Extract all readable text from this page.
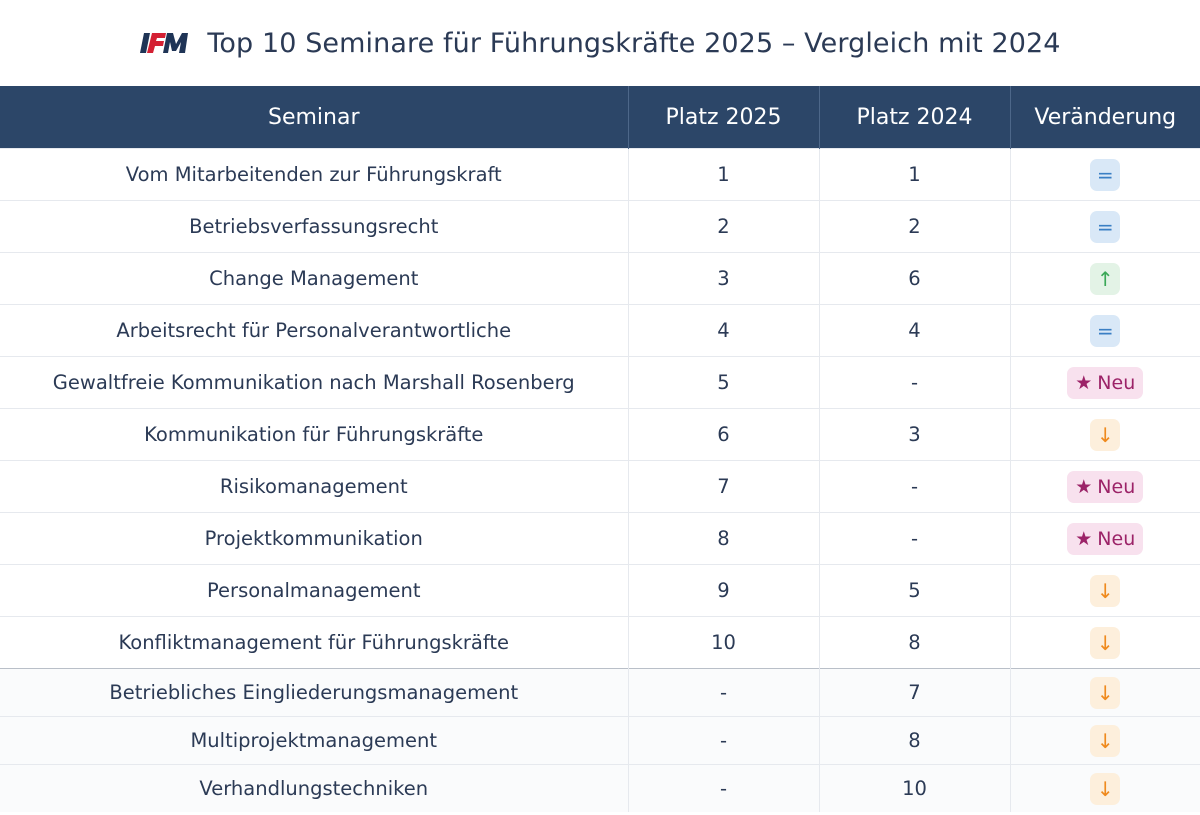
Top 10 Seminare für Führungskräfte 2025 – Vergleich mit 2024
Seminar	Platz 2025	Platz 2024	Veränderung
Vom Mitarbeitenden zur Führungskraft	1	1	=

Betriebsverfassungsrecht	2	2	=

Change Management	3	6	↑

Arbeitsrecht für Personalverantwortliche	4	4	=

Gewaltfreie Kommunikation nach Marshall Rosenberg	5	-	★ Neu

Kommunikation für Führungskräfte	6	3	↓

Risikomanagement	7	-	★ Neu

Projektkommunikation	8	-	★ Neu

Personalmanagement	9	5	↓

Konfliktmanagement für Führungskräfte	10	8	↓

Betriebliches Eingliederungsmanagement	-	7	↓

Multiprojektmanagement	-	8	↓

Verhandlungstechniken	-	10	↓
